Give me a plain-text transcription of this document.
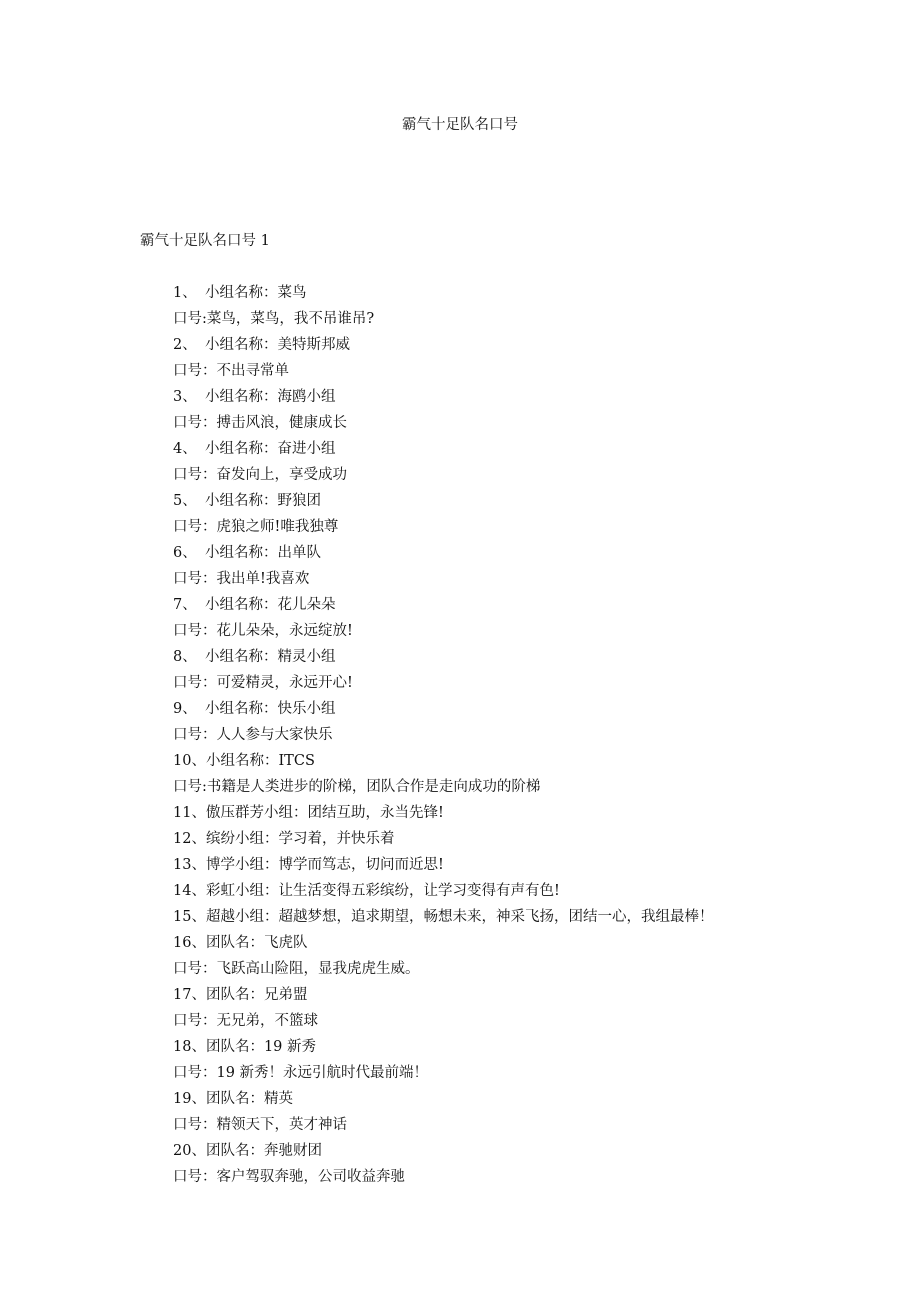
霸气十足队名口号
霸气十足队名口号 1
1、 小组名称：菜鸟
口号:菜鸟，菜鸟，我不吊谁吊?
2、 小组名称：美特斯邦威
口号：不出寻常单
3、 小组名称：海鸥小组
口号：搏击风浪，健康成长
4、 小组名称：奋进小组
口号：奋发向上，享受成功
5、 小组名称：野狼团
口号：虎狼之师!唯我独尊
6、 小组名称：出单队
口号：我出单!我喜欢
7、 小组名称：花儿朵朵
口号：花儿朵朵，永远绽放!
8、 小组名称：精灵小组
口号：可爱精灵，永远开心!
9、 小组名称：快乐小组
口号：人人参与大家快乐
10、小组名称：ITCS
口号:书籍是人类进步的阶梯，团队合作是走向成功的阶梯
11、傲压群芳小组：团结互助，永当先锋!
12、缤纷小组：学习着，并快乐着
13、博学小组：博学而笃志，切问而近思!
14、彩虹小组：让生活变得五彩缤纷，让学习变得有声有色!
15、超越小组：超越梦想，追求期望，畅想未来，神采飞扬，团结一心，我组最棒！
16、团队名：飞虎队
口号：飞跃高山险阻，显我虎虎生威。
17、团队名：兄弟盟
口号：无兄弟，不篮球
18、团队名：19 新秀
口号：19 新秀！永远引航时代最前端！
19、团队名：精英
口号：精领天下，英才神话
20、团队名：奔驰财团
口号：客户驾驭奔驰，公司收益奔驰
